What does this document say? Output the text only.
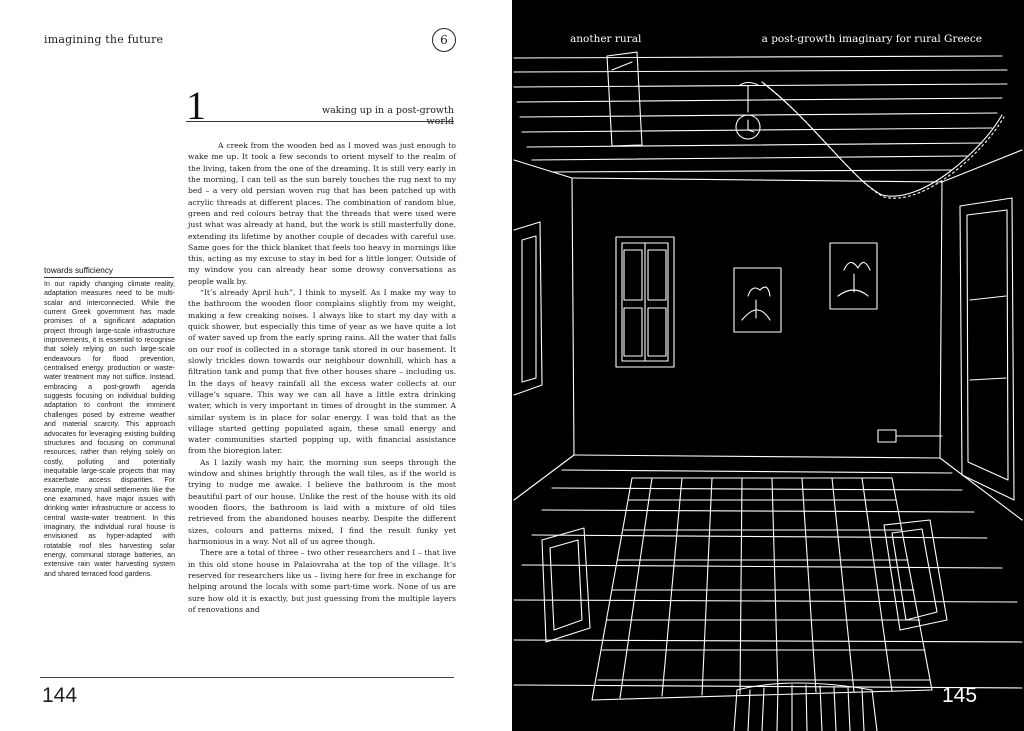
imagining the future	6
1	waking up in a post-growth world

A creek from the wooden bed as I moved was just enough to wake me up. It took a few seconds to orient myself to the realm of the living, taken from the one of the dreaming. It is still very early in the morning, I can tell as the sun barely touches the rug next to my bed – a very old persian woven rug that has been patched up with acrylic threads at different places. The combination of random blue, green and red colours betray that the threads that were used were just what was already at hand, but the work is still masterfully done, extending its lifetime by another couple of decades with careful use. Same goes for the thick blanket that feels too heavy in mornings like this, acting as my excuse to stay in bed for a little longer. Outside of my window you can already hear some drowsy conversations as people walk by.

“It’s already April huh”, I think to myself. As I make my way to the bathroom the wooden floor complains slightly from my weight, making a few creaking noises. I always like to start my day with a quick shower, but especially this time of year as we have quite a lot of water saved up from the early spring rains. All the water that falls on our roof is collected in a storage tank stored in our basement. It slowly trickles down towards our neighbour downhill, which has a filtration tank and pump that five other houses share – including us. In the days of heavy rainfall all the excess water collects at our village’s square. This way we can all have a little extra drinking water, which is very important in times of drought in the summer. A similar system is in place for solar energy. I was told that as the village started getting populated again, these small energy and water communities started popping up, with financial assistance from the bioregion later.

As I lazily wash my hair, the morning sun seeps through the window and shines brightly through the wall tiles, as if the world is trying to nudge me awake. I believe the bathroom is the most beautiful part of our house. Unlike the rest of the house with its old wooden floors, the bathroom is laid with a mixture of old tiles retrieved from the abandoned houses nearby. Despite the different sizes, colours and patterns mixed, I find the result funky yet harmonious in a way. Not all of us agree though.

There are a total of three – two other researchers and I – that live in this old stone house in Palaiovraha at the top of the village. It’s reserved for researchers like us – living here for free in exchange for helping around the locals with some part-time work. None of us are sure how old it is exactly, but just guessing from the multiple layers of renovations and

towards sufficiency

In our rapidly changing climate reality, adaptation measures need to be multi-scalar and interconnected. While the current Greek government has made promises of a significant adaptation project through large-scale infrastructure improvements, it is essential to recognise that solely relying on such large-scale endeavours for flood prevention, centralised energy production or waste-water treatment may not suffice. Instead, embracing a post-growth agenda suggests focusing on individual building adaptation to confront the imminent challenges posed by extreme weather and material scarcity. This approach advocates for leveraging existing building structures and focusing on communal resources, rather than relying solely on costly, polluting and potentially inequitable large-scale projects that may exacerbate access disparities. For example, many small settlements like the one examined, have major issues with drinking water infrastructure or access to central waste-water treatment. In this imaginary, the individual rural house is envisioned as hyper-adapted with rotatable roof tiles harvesting solar energy, communal storage batteries, an extensive rain water harvesting system and shared terraced food gardens.

144
another rural	a post-growth imaginary for rural Greece
145
